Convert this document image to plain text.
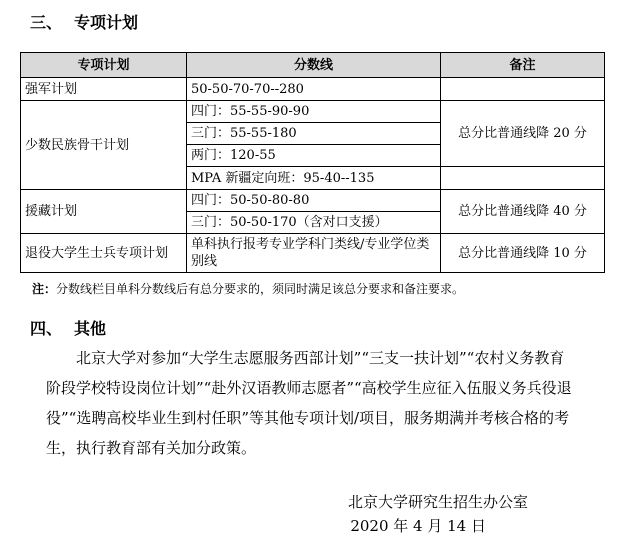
三、 专项计划
专项计划	分数线	备注
强军计划	50-50-70-70--280	
少数民族骨干计划	四门：55-55-90-90	总分比普通线降 20 分
	三门：55-55-180	
	两门：120-55	
	MPA 新疆定向班：95-40--135	
援藏计划	四门：50-50-80-80	总分比普通线降 40 分
	三门：50-50-170（含对口支援）	
退役大学生士兵专项计划	单科执行报考专业学科门类线/专业学位类别线	总分比普通线降 10 分
注：分数线栏目单科分数线后有总分要求的，须同时满足该总分要求和备注要求。
四、 其他
北京大学对参加“大学生志愿服务西部计划”“三支一扶计划”“农村义务教育阶段学校特设岗位计划”“赴外汉语教师志愿者”“高校学生应征入伍服义务兵役退役”“选聘高校毕业生到村任职”等其他专项计划/项目，服务期满并考核合格的考生，执行教育部有关加分政策。
北京大学研究生招生办公室
2020 年 4 月 14 日
